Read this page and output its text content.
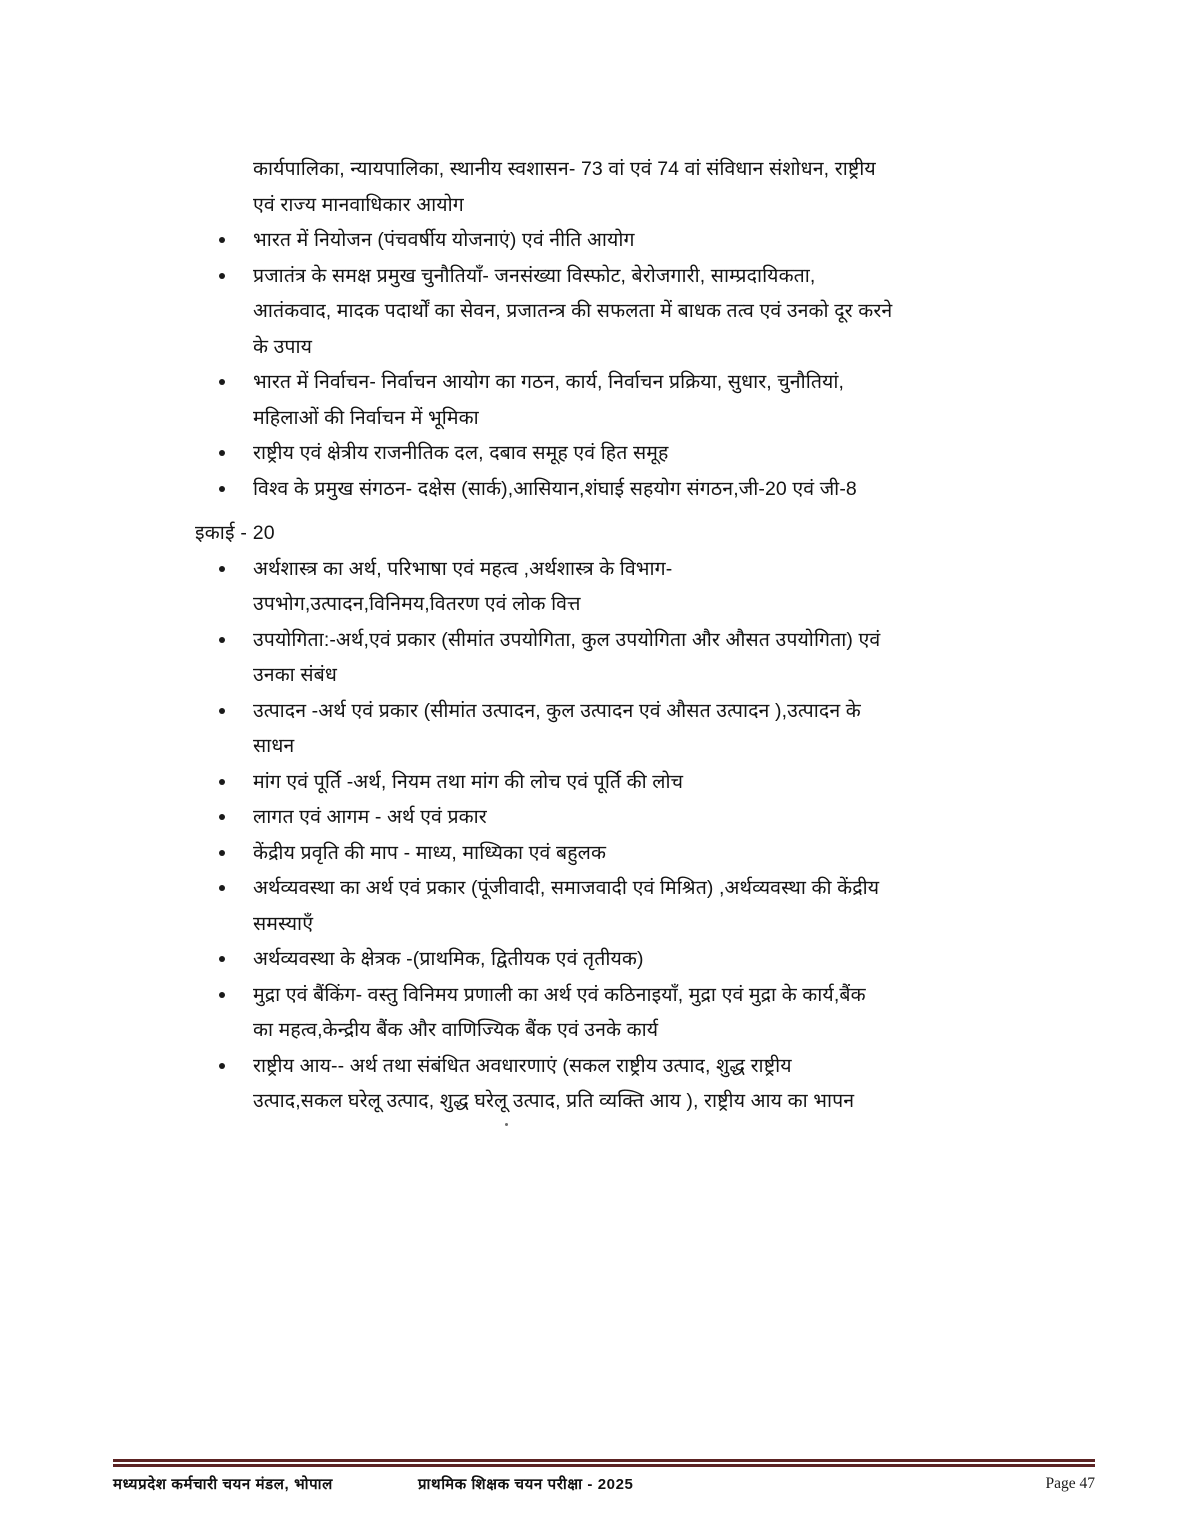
कार्यपालिका, न्यायपालिका, स्थानीय स्वशासन- 73 वां एवं 74 वां संविधान संशोधन, राष्ट्रीय
एवं राज्य मानवाधिकार आयोग
भारत में नियोजन (पंचवर्षीय योजनाएं) एवं नीति आयोग
प्रजातंत्र के समक्ष प्रमुख चुनौतियाँ- जनसंख्या विस्फोट, बेरोजगारी, साम्प्रदायिकता,
आतंकवाद, मादक पदार्थों का सेवन, प्रजातन्त्र की सफलता में बाधक तत्व एवं उनको दूर करने
के उपाय
भारत में निर्वाचन- निर्वाचन आयोग का गठन, कार्य, निर्वाचन प्रक्रिया, सुधार, चुनौतियां,
महिलाओं की निर्वाचन में भूमिका
राष्ट्रीय एवं क्षेत्रीय राजनीतिक दल, दबाव समूह एवं हित समूह
विश्व के प्रमुख संगठन- दक्षेस (सार्क),आसियान,शंघाई सहयोग संगठन,जी-20 एवं जी-8
इकाई - 20
अर्थशास्त्र का अर्थ, परिभाषा एवं महत्व ,अर्थशास्त्र के विभाग-
उपभोग,उत्पादन,विनिमय,वितरण एवं लोक वित्त
उपयोगिता:-अर्थ,एवं प्रकार (सीमांत उपयोगिता, कुल उपयोगिता और औसत उपयोगिता) एवं
उनका संबंध
उत्पादन -अर्थ एवं प्रकार (सीमांत उत्पादन, कुल उत्पादन एवं औसत उत्पादन ),उत्पादन के
साधन
मांग एवं पूर्ति -अर्थ, नियम तथा मांग की लोच एवं पूर्ति की लोच
लागत एवं आगम - अर्थ एवं प्रकार
केंद्रीय प्रवृति की माप - माध्य, माध्यिका एवं बहुलक
अर्थव्यवस्था का अर्थ एवं प्रकार (पूंजीवादी, समाजवादी एवं मिश्रित) ,अर्थव्यवस्था की केंद्रीय
समस्याएँ
अर्थव्यवस्था के क्षेत्रक -(प्राथमिक, द्वितीयक एवं तृतीयक)
मुद्रा एवं बैंकिंग- वस्तु विनिमय प्रणाली का अर्थ एवं कठिनाइयाँ, मुद्रा एवं मुद्रा के कार्य,बैंक
का महत्व,केन्द्रीय बैंक और वाणिज्यिक बैंक एवं उनके कार्य
राष्ट्रीय आय-- अर्थ तथा संबंधित अवधारणाएं (सकल राष्ट्रीय उत्पाद, शुद्ध राष्ट्रीय
उत्पाद,सकल घरेलू उत्पाद, शुद्ध घरेलू उत्पाद, प्रति व्यक्ति आय ), राष्ट्रीय आय का भापन
मध्यप्रदेश कर्मचारी चयन मंडल, भोपाल	प्राथमिक शिक्षक चयन परीक्षा - 2025	Page 47
